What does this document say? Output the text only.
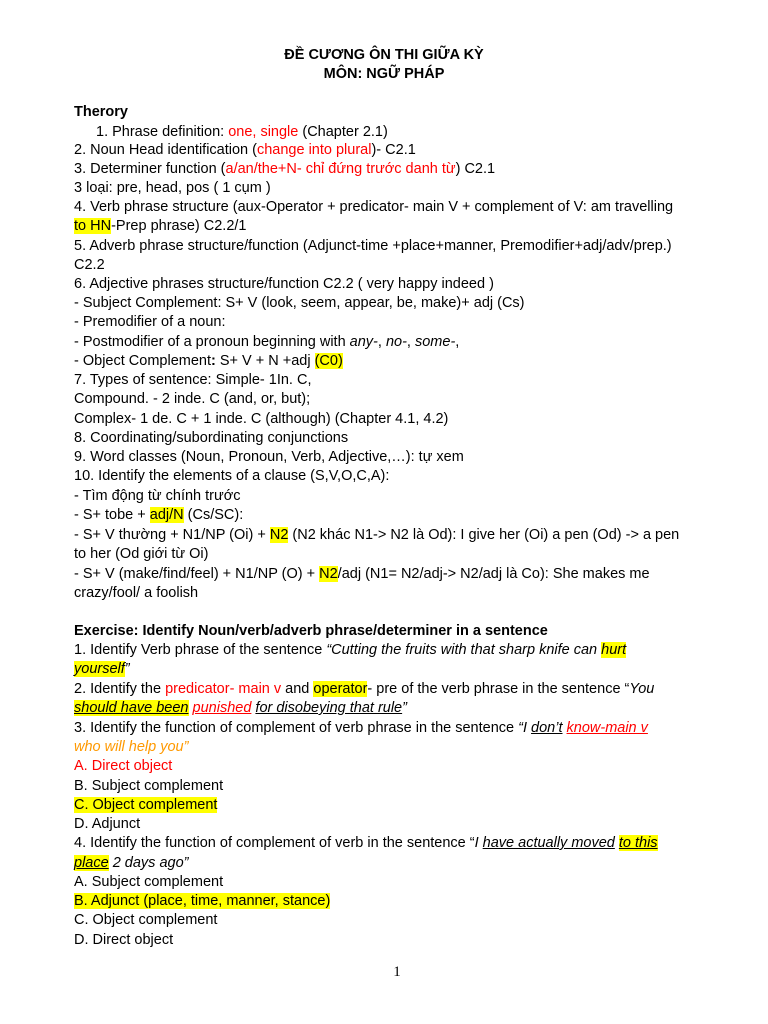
ĐỀ CƯƠNG ÔN THI GIỮA KỲ
MÔN: NGỮ PHÁP
Therory
1. Phrase definition: one, single (Chapter 2.1)
2. Noun Head identification (change into plural)- C2.1
3. Determiner function (a/an/the+N- chỉ đứng trước danh từ) C2.1
3 loại: pre, head, pos ( 1 cụm )
4. Verb phrase structure (aux-Operator + predicator- main V + complement of V: am travelling
to HN-Prep phrase) C2.2/1
5. Adverb phrase structure/function (Adjunct-time +place+manner, Premodifier+adj/adv/prep.)
C2.2
6. Adjective phrases structure/function C2.2 ( very happy indeed )
- Subject Complement: S+ V (look, seem, appear, be, make)+ adj (Cs)
- Premodifier of a noun:
- Postmodifier of a pronoun beginning with any-, no-, some-,
- Object Complement: S+ V + N +adj (C0)
7. Types of sentence: Simple- 1In. C,
Compound. - 2 inde. C (and, or, but);
Complex- 1 de. C + 1 inde. C (although) (Chapter 4.1, 4.2)
8. Coordinating/subordinating conjunctions
9. Word classes (Noun, Pronoun, Verb, Adjective,…): tự xem
10. Identify the elements of a clause (S,V,O,C,A):
- Tìm động từ chính trước
- S+ tobe + adj/N (Cs/SC):
- S+ V thường + N1/NP (Oi) + N2 (N2 khác N1-> N2 là Od): I give her (Oi) a pen (Od) -> a pen
to her (Od giới từ Oi)
- S+ V (make/find/feel) + N1/NP (O) + N2/adj (N1= N2/adj-> N2/adj là Co): She makes me
crazy/fool/ a foolish
Exercise: Identify Noun/verb/adverb phrase/determiner in a sentence
1. Identify Verb phrase of the sentence “Cutting the fruits with that sharp knife can hurt
yourself”
2. Identify the predicator- main v and operator- pre of the verb phrase in the sentence “You
should have been punished for disobeying that rule”
3. Identify the function of complement of verb phrase in the sentence “I don’t know-main v
who will help you”
A. Direct object
B. Subject complement
C. Object complement
D. Adjunct
4. Identify the function of complement of verb in the sentence “I have actually moved to this
place 2 days ago”
A. Subject complement
B. Adjunct (place, time, manner, stance)
C. Object complement
D. Direct object
1
